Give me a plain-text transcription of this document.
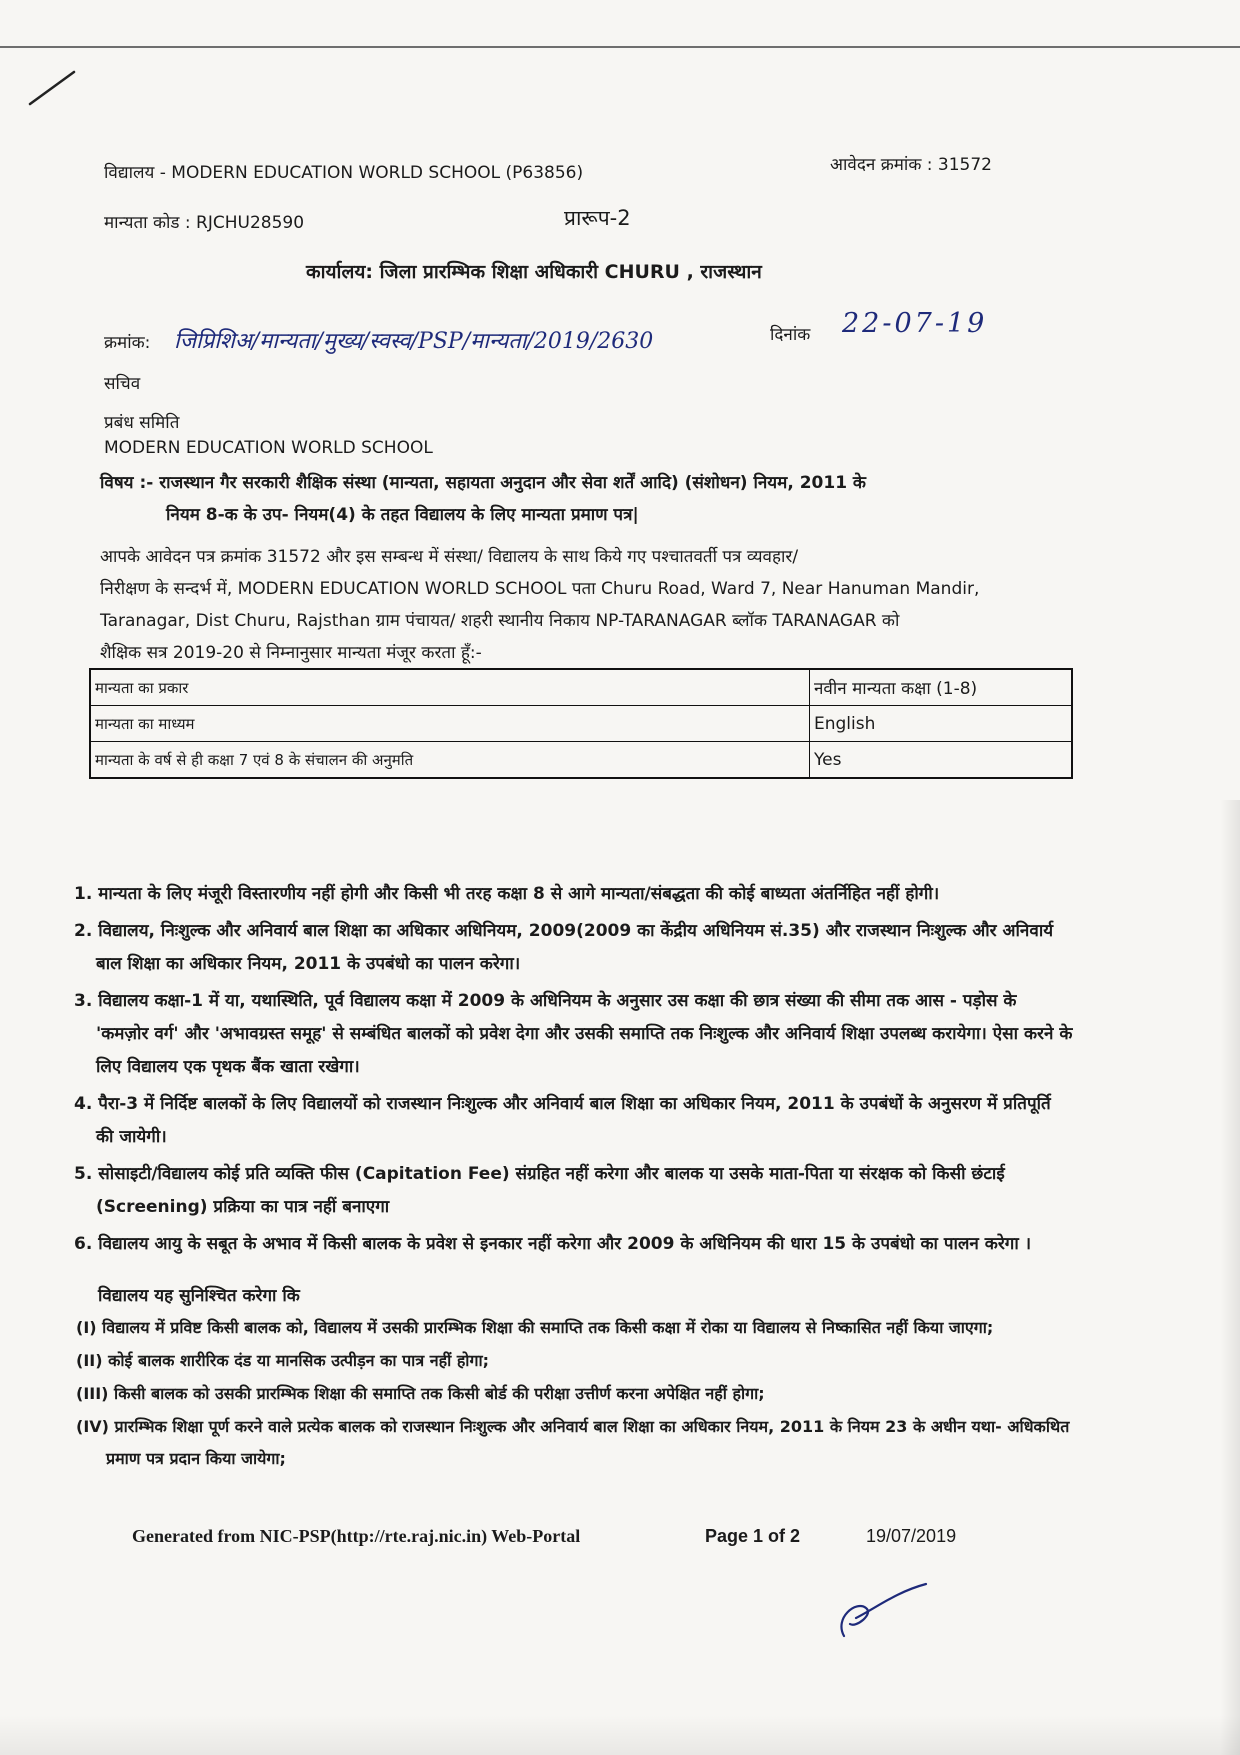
विद्यालय - MODERN EDUCATION WORLD SCHOOL (P63856)	आवेदन क्रमांक : 31572
मान्यता कोड : RJCHU28590	प्रारूप-2
कार्यालय: जिला प्रारम्भिक शिक्षा अधिकारी CHURU , राजस्थान
क्रमांक: जिप्रिशिअ/मान्यता/मुख्य/स्वस्व/PSP/मान्यता/2019/2630	दिनांक 22-07-19
सचिव
प्रबंध समिति
MODERN EDUCATION WORLD SCHOOL
विषय :- राजस्थान गैर सरकारी शैक्षिक संस्था (मान्यता, सहायता अनुदान और सेवा शर्तें आदि) (संशोधन) नियम, 2011 के
नियम 8-क के उप- नियम(4) के तहत विद्यालय के लिए मान्यता प्रमाण पत्र|
आपके आवेदन पत्र क्रमांक 31572 और इस सम्बन्ध में संस्था/ विद्यालय के साथ किये गए पश्चातवर्ती पत्र व्यवहार/
निरीक्षण के सन्दर्भ में, MODERN EDUCATION WORLD SCHOOL पता Churu Road, Ward 7, Near Hanuman Mandir,
Taranagar, Dist Churu, Rajsthan ग्राम पंचायत/ शहरी स्थानीय निकाय NP-TARANAGAR ब्लॉक TARANAGAR को
शैक्षिक सत्र 2019-20 से निम्नानुसार मान्यता मंजूर करता हूँ:-
मान्यता का प्रकार	नवीन मान्यता कक्षा (1-8)
मान्यता का माध्यम	English
मान्यता के वर्ष से ही कक्षा 7 एवं 8 के संचालन की अनुमति	Yes
1. मान्यता के लिए मंजूरी विस्तारणीय नहीं होगी और किसी भी तरह कक्षा 8 से आगे मान्यता/संबद्धता की कोई बाध्यता अंतर्निहित नहीं होगी।
2. विद्यालय, निःशुल्क और अनिवार्य बाल शिक्षा का अधिकार अधिनियम, 2009(2009 का केंद्रीय अधिनियम सं.35) और राजस्थान निःशुल्क और अनिवार्य बाल शिक्षा का अधिकार नियम, 2011 के उपबंधो का पालन करेगा।
3. विद्यालय कक्षा-1 में या, यथास्थिति, पूर्व विद्यालय कक्षा में 2009 के अधिनियम के अनुसार उस कक्षा की छात्र संख्या की सीमा तक आस - पड़ोस के 'कमज़ोर वर्ग' और 'अभावग्रस्त समूह' से सम्बंधित बालकों को प्रवेश देगा और उसकी समाप्ति तक निःशुल्क और अनिवार्य शिक्षा उपलब्ध करायेगा। ऐसा करने के लिए विद्यालय एक पृथक बैंक खाता रखेगा।
4. पैरा-3 में निर्दिष्ट बालकों के लिए विद्यालयों को राजस्थान निःशुल्क और अनिवार्य बाल शिक्षा का अधिकार नियम, 2011 के उपबंधों के अनुसरण में प्रतिपूर्ति की जायेगी।
5. सोसाइटी/विद्यालय कोई प्रति व्यक्ति फीस (Capitation Fee) संग्रहित नहीं करेगा और बालक या उसके माता-पिता या संरक्षक को किसी छंटाई (Screening) प्रक्रिया का पात्र नहीं बनाएगा
6. विद्यालय आयु के सबूत के अभाव में किसी बालक के प्रवेश से इनकार नहीं करेगा और 2009 के अधिनियम की धारा 15 के उपबंधो का पालन करेगा ।
विद्यालय यह सुनिश्चित करेगा कि
(I) विद्यालय में प्रविष्ट किसी बालक को, विद्यालय में उसकी प्रारम्भिक शिक्षा की समाप्ति तक किसी कक्षा में रोका या विद्यालय से निष्कासित नहीं किया जाएगा;
(II) कोई बालक शारीरिक दंड या मानसिक उत्पीड़न का पात्र नहीं होगा;
(III) किसी बालक को उसकी प्रारम्भिक शिक्षा की समाप्ति तक किसी बोर्ड की परीक्षा उत्तीर्ण करना अपेक्षित नहीं होगा;
(IV) प्रारम्भिक शिक्षा पूर्ण करने वाले प्रत्येक बालक को राजस्थान निःशुल्क और अनिवार्य बाल शिक्षा का अधिकार नियम, 2011 के नियम 23 के अधीन यथा- अधिकथित प्रमाण पत्र प्रदान किया जायेगा;
Generated from NIC-PSP(http://rte.raj.nic.in) Web-Portal	Page 1 of 2	19/07/2019
